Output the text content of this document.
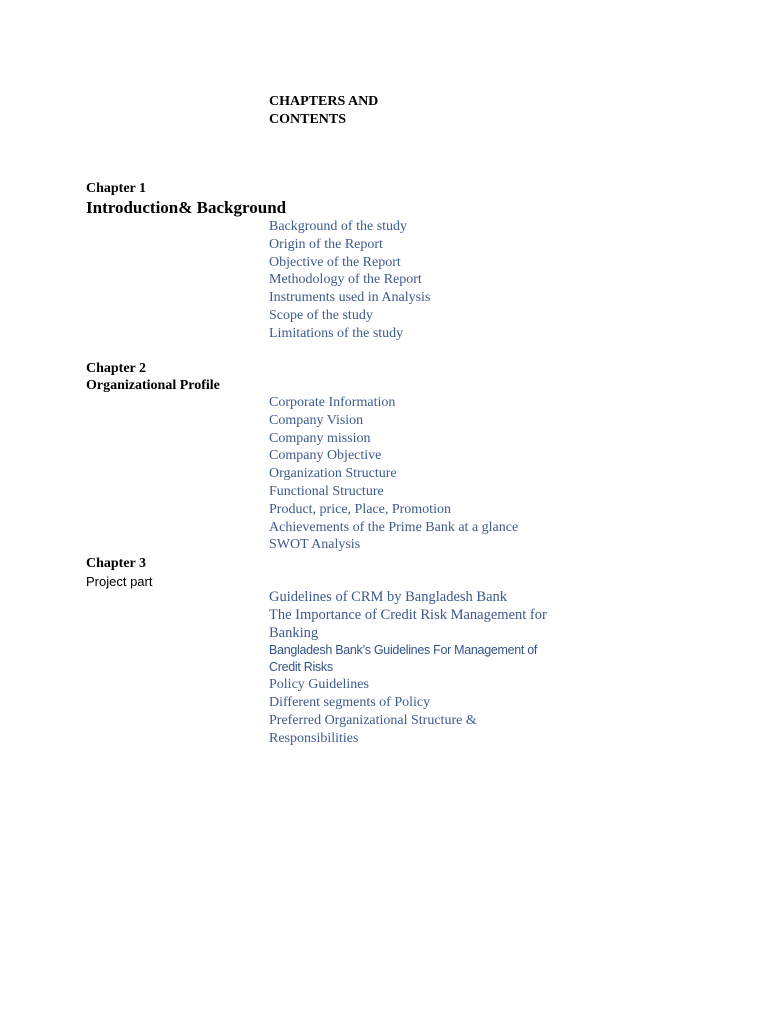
CHAPTERS AND CONTENTS
Chapter 1
Introduction& Background
Background of the study
Origin of the Report
Objective of the Report
Methodology of the Report
Instruments used in Analysis
Scope of the study
Limitations of the study
Chapter 2
Organizational Profile
Corporate Information
Company Vision
Company mission
Company Objective
Organization Structure
Functional Structure
Product, price, Place, Promotion
Achievements of the Prime Bank at a glance
SWOT Analysis
Chapter 3
Project part
Guidelines of CRM by Bangladesh Bank
The Importance of Credit Risk Management for Banking
Bangladesh Bank’s Guidelines For Management of Credit Risks
Policy Guidelines
Different segments of Policy
Preferred Organizational Structure & Responsibilities
